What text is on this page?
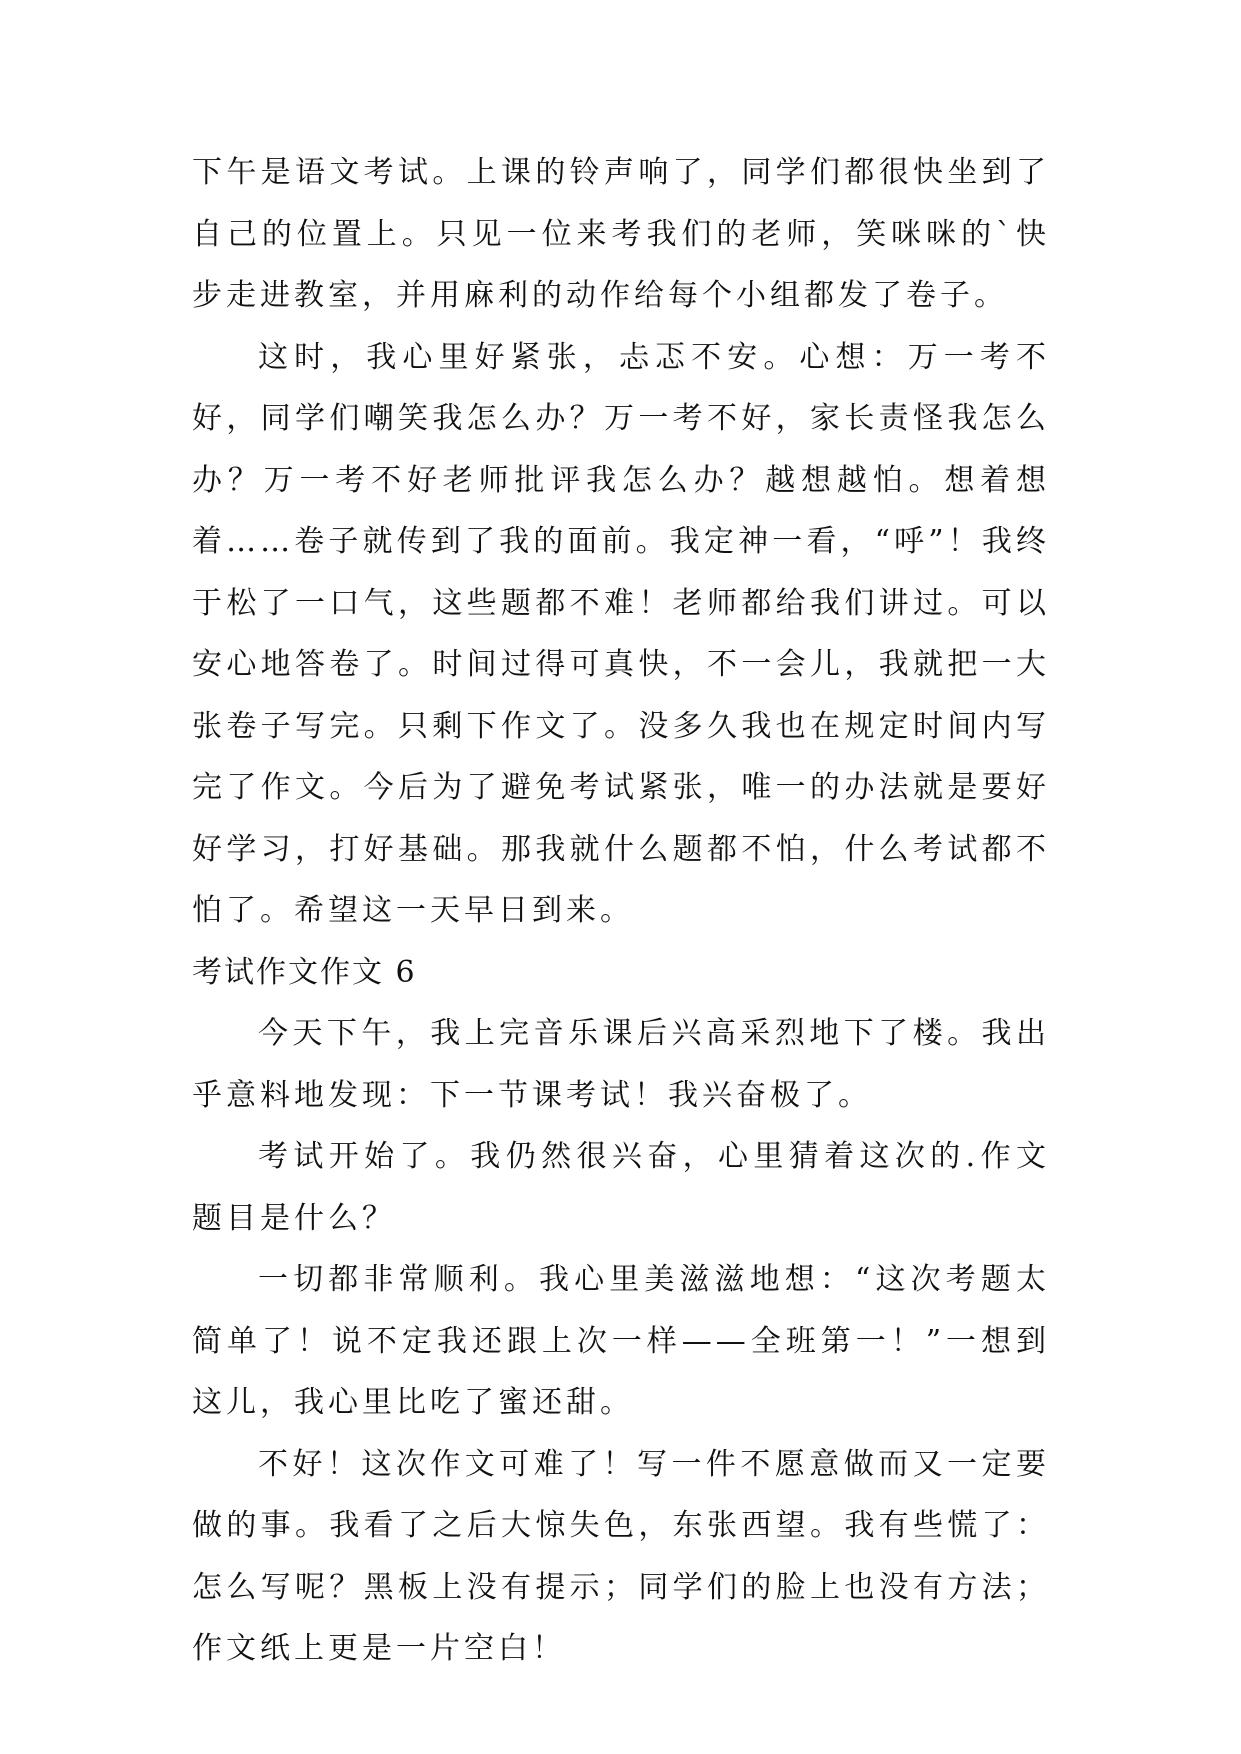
下午是语文考试。上课的铃声响了，同学们都很快坐到了自己的位置上。只见一位来考我们的老师，笑咪咪的`快步走进教室，并用麻利的动作给每个小组都发了卷子。

这时，我心里好紧张，忐忑不安。心想：万一考不好，同学们嘲笑我怎么办？万一考不好，家长责怪我怎么办？万一考不好老师批评我怎么办？越想越怕。想着想着……卷子就传到了我的面前。我定神一看，“呼”！我终于松了一口气，这些题都不难！老师都给我们讲过。可以安心地答卷了。时间过得可真快，不一会儿，我就把一大张卷子写完。只剩下作文了。没多久我也在规定时间内写完了作文。今后为了避免考试紧张，唯一的办法就是要好好学习，打好基础。那我就什么题都不怕，什么考试都不怕了。希望这一天早日到来。

考试作文作文 6

今天下午，我上完音乐课后兴高采烈地下了楼。我出乎意料地发现：下一节课考试！我兴奋极了。

考试开始了。我仍然很兴奋，心里猜着这次的.作文题目是什么？

一切都非常顺利。我心里美滋滋地想：“这次考题太简单了！说不定我还跟上次一样——全班第一！”一想到这儿，我心里比吃了蜜还甜。

不好！这次作文可难了！写一件不愿意做而又一定要做的事。我看了之后大惊失色，东张西望。我有些慌了：怎么写呢？黑板上没有提示；同学们的脸上也没有方法；作文纸上更是一片空白！
